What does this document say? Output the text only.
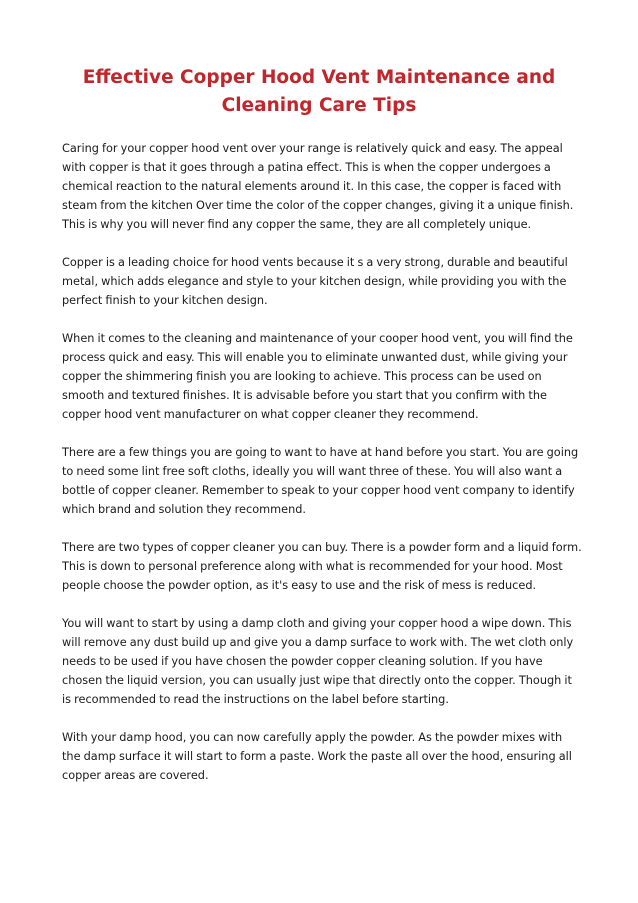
Effective Copper Hood Vent Maintenance and Cleaning Care Tips

Caring for your copper hood vent over your range is relatively quick and easy. The appeal with copper is that it goes through a patina effect. This is when the copper undergoes a chemical reaction to the natural elements around it. In this case, the copper is faced with steam from the kitchen Over time the color of the copper changes, giving it a unique finish. This is why you will never find any copper the same, they are all completely unique.

Copper is a leading choice for hood vents because it s a very strong, durable and beautiful metal, which adds elegance and style to your kitchen design, while providing you with the perfect finish to your kitchen design.

When it comes to the cleaning and maintenance of your cooper hood vent, you will find the process quick and easy. This will enable you to eliminate unwanted dust, while giving your copper the shimmering finish you are looking to achieve. This process can be used on smooth and textured finishes. It is advisable before you start that you confirm with the copper hood vent manufacturer on what copper cleaner they recommend.

There are a few things you are going to want to have at hand before you start. You are going to need some lint free soft cloths, ideally you will want three of these. You will also want a bottle of copper cleaner. Remember to speak to your copper hood vent company to identify which brand and solution they recommend.

There are two types of copper cleaner you can buy. There is a powder form and a liquid form. This is down to personal preference along with what is recommended for your hood. Most people choose the powder option, as it's easy to use and the risk of mess is reduced.

You will want to start by using a damp cloth and giving your copper hood a wipe down. This will remove any dust build up and give you a damp surface to work with. The wet cloth only needs to be used if you have chosen the powder copper cleaning solution. If you have chosen the liquid version, you can usually just wipe that directly onto the copper. Though it is recommended to read the instructions on the label before starting.

With your damp hood, you can now carefully apply the powder. As the powder mixes with the damp surface it will start to form a paste. Work the paste all over the hood, ensuring all copper areas are covered.
